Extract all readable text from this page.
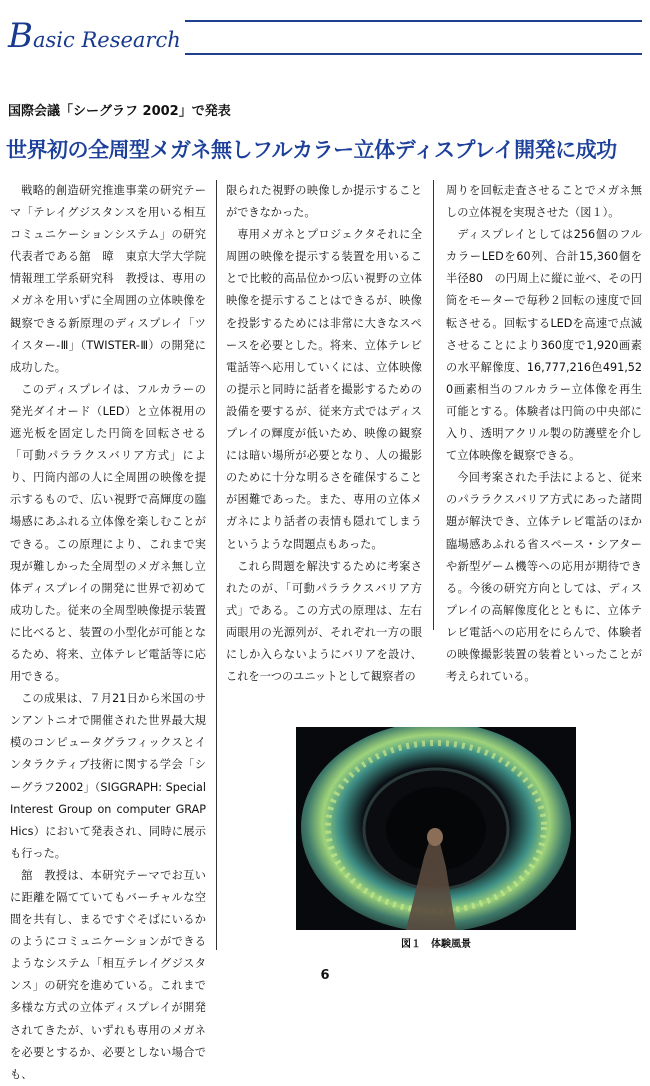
Basic Research
国際会議「シーグラフ 2002」で発表
世界初の全周型メガネ無しフルカラー立体ディスプレイ開発に成功

戦略的創造研究推進事業の研究テーマ「テレイグジスタンスを用いる相互コミュニケーションシステム」の研究代表者である舘　暲　東京大学大学院情報理工学系研究科　教授は、専用のメガネを用いずに全周囲の立体映像を観察できる新原理のディスプレイ「ツイスター-Ⅲ」（TWISTER-Ⅲ）の開発に成功した。

このディスプレイは、フルカラーの発光ダイオード（LED）と立体視用の遮光板を固定した円筒を回転させる「可動パララクスバリア方式」により、円筒内部の人に全周囲の映像を提示するもので、広い視野で高輝度の臨場感にあふれる立体像を楽しむことができる。この原理により、これまで実現が難しかった全周型のメガネ無し立体ディスプレイの開発に世界で初めて成功した。従来の全周型映像提示装置に比べると、装置の小型化が可能となるため、将来、立体テレビ電話等に応用できる。

この成果は、７月21日から米国のサンアントニオで開催された世界最大規模のコンピュータグラフィックスとインタラクティブ技術に関する学会「シーグラフ2002」（SIGGRAPH: Special Interest Group on computer GRAPHics）において発表され、同時に展示も行った。

舘　教授は、本研究テーマでお互いに距離を隔てていてもバーチャルな空間を共有し、まるですぐそばにいるかのようにコミュニケーションができるようなシステム「相互テレイグジスタンス」の研究を進めている。これまで多様な方式の立体ディスプレイが開発されてきたが、いずれも専用のメガネを必要とするか、必要としない場合でも、

限られた視野の映像しか提示することができなかった。

専用メガネとプロジェクタそれに全周囲の映像を提示する装置を用いることで比較的高品位かつ広い視野の立体映像を提示することはできるが、映像を投影するためには非常に大きなスペースを必要とした。将来、立体テレビ電話等へ応用していくには、立体映像の提示と同時に話者を撮影するための設備を要するが、従来方式ではディスプレイの輝度が低いため、映像の観察には暗い場所が必要となり、人の撮影のために十分な明るさを確保することが困難であった。また、専用の立体メガネにより話者の表情も隠れてしまうというような問題点もあった。

これら問題を解決するために考案されたのが、「可動パララクスバリア方式」である。この方式の原理は、左右両眼用の光源列が、それぞれ一方の眼にしか入らないようにバリアを設け、これを一つのユニットとして観察者の

周りを回転走査させることでメガネ無しの立体視を実現させた（図１）。

ディスプレイとしては256個のフルカラーLEDを60列、合計15,360個を半径80　の円周上に縦に並べ、その円筒をモーターで毎秒２回転の速度で回転させる。回転するLEDを高速で点滅させることにより360度で1,920画素の水平解像度、16,777,216色491,520画素相当のフルカラー立体像を再生可能とする。体験者は円筒の中央部に入り、透明アクリル製の防護壁を介して立体映像を観察できる。

今回考案された手法によると、従来のパララクスバリア方式にあった諸問題が解決でき、立体テレビ電話のほか臨場感あふれる省スペース・シアターや新型ゲーム機等への応用が期待できる。今後の研究方向としては、ディスプレイの高解像度化とともに、立体テレビ電話への応用をにらんで、体験者の映像撮影装置の装着といったことが考えられている。

図１　体験風景
6
